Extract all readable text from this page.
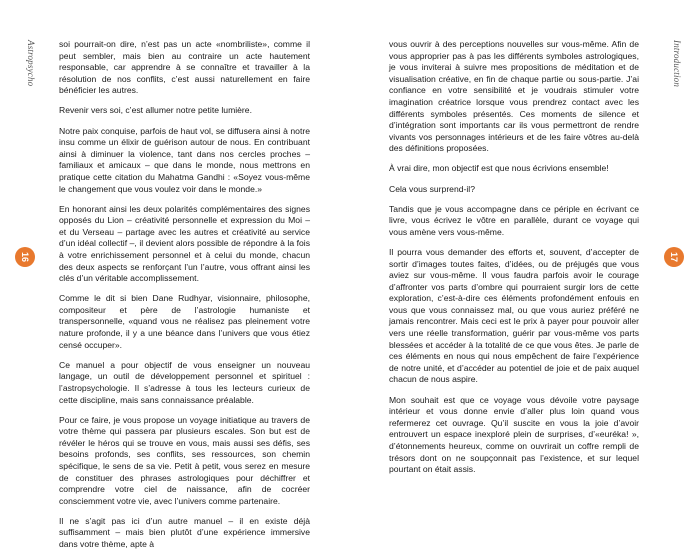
Astropsycho
16

soi pourrait-on dire, n’est pas un acte «nombriliste», comme il peut sembler, mais bien au contraire un acte hautement responsable, car apprendre à se connaître et travailler à la résolution de nos conflits, c’est aussi naturellement en faire bénéficier les autres.

Revenir vers soi, c’est allumer notre petite lumière.

Notre paix conquise, parfois de haut vol, se diffusera ainsi à notre insu comme un élixir de guérison autour de nous. En contribuant ainsi à diminuer la violence, tant dans nos cercles proches – familiaux et amicaux – que dans le monde, nous mettrons en pratique cette citation du Mahatma Gandhi : «Soyez vous-même le changement que vous voulez voir dans le monde.»

En honorant ainsi les deux polarités complémentaires des signes opposés du Lion – créativité personnelle et expression du Moi – et du Verseau – partage avec les autres et créativité au service d’un idéal collectif –, il devient alors possible de répondre à la fois à votre enrichissement personnel et à celui du monde, chacun des deux aspects se renforçant l’un l’autre, vous offrant ainsi les clés d’un véritable accomplissement.

Comme le dit si bien Dane Rudhyar, visionnaire, philosophe, compositeur et père de l’astrologie humaniste et transpersonnelle, «quand vous ne réalisez pas pleinement votre nature profonde, il y a une béance dans l’univers que vous étiez censé occuper».

Ce manuel a pour objectif de vous enseigner un nouveau langage, un outil de développement personnel et spirituel : l’astropsychologie. Il s’adresse à tous les lecteurs curieux de cette discipline, mais sans connaissance préalable.

Pour ce faire, je vous propose un voyage initiatique au travers de votre thème qui passera par plusieurs escales. Son but est de révéler le héros qui se trouve en vous, mais aussi ses défis, ses besoins profonds, ses conflits, ses ressources, son chemin spécifique, le sens de sa vie. Petit à petit, vous serez en mesure de constituer des phrases astrologiques pour déchiffrer et comprendre votre ciel de naissance, afin de cocréer consciemment votre vie, avec l’univers comme partenaire.

Il ne s’agit pas ici d’un autre manuel – il en existe déjà suffisamment – mais bien plutôt d’une expérience immersive dans votre thème, apte à

Introduction
17

vous ouvrir à des perceptions nouvelles sur vous-même. Afin de vous approprier pas à pas les différents symboles astrologiques, je vous inviterai à suivre mes propositions de méditation et de visualisation créative, en fin de chaque partie ou sous-partie. J’ai confiance en votre sensibilité et je voudrais stimuler votre imagination créatrice lorsque vous prendrez contact avec les différents symboles présentés. Ces moments de silence et d’intégration sont importants car ils vous permettront de rendre vivants vos personnages intérieurs et de les faire vôtres au-delà des définitions proposées.

À vrai dire, mon objectif est que nous écrivions ensemble!

Cela vous surprend-il?

Tandis que je vous accompagne dans ce périple en écrivant ce livre, vous écrivez le vôtre en parallèle, durant ce voyage qui vous amène vers vous-même.

Il pourra vous demander des efforts et, souvent, d’accepter de sortir d’images toutes faites, d’idées, ou de préjugés que vous aviez sur vous-même. Il vous faudra parfois avoir le courage d’affronter vos parts d’ombre qui pourraient surgir lors de cette exploration, c’est-à-dire ces éléments profondément enfouis en vous que vous connaissez mal, ou que vous auriez préféré ne jamais rencontrer. Mais ceci est le prix à payer pour pouvoir aller vers une réelle transformation, guérir par vous-même vos parts blessées et accéder à la totalité de ce que vous êtes. Je parle de ces éléments en nous qui nous empêchent de faire l’expérience de notre unité, et d’accéder au potentiel de joie et de paix auquel chacun de nous aspire.

Mon souhait est que ce voyage vous dévoile votre paysage intérieur et vous donne envie d’aller plus loin quand vous refermerez cet ouvrage. Qu’il suscite en vous la joie d’avoir entrouvert un espace inexploré plein de surprises, d’«euréka! », d’étonnements heureux, comme on ouvrirait un coffre rempli de trésors dont on ne soupçonnait pas l’existence, et sur lequel pourtant on était assis.
